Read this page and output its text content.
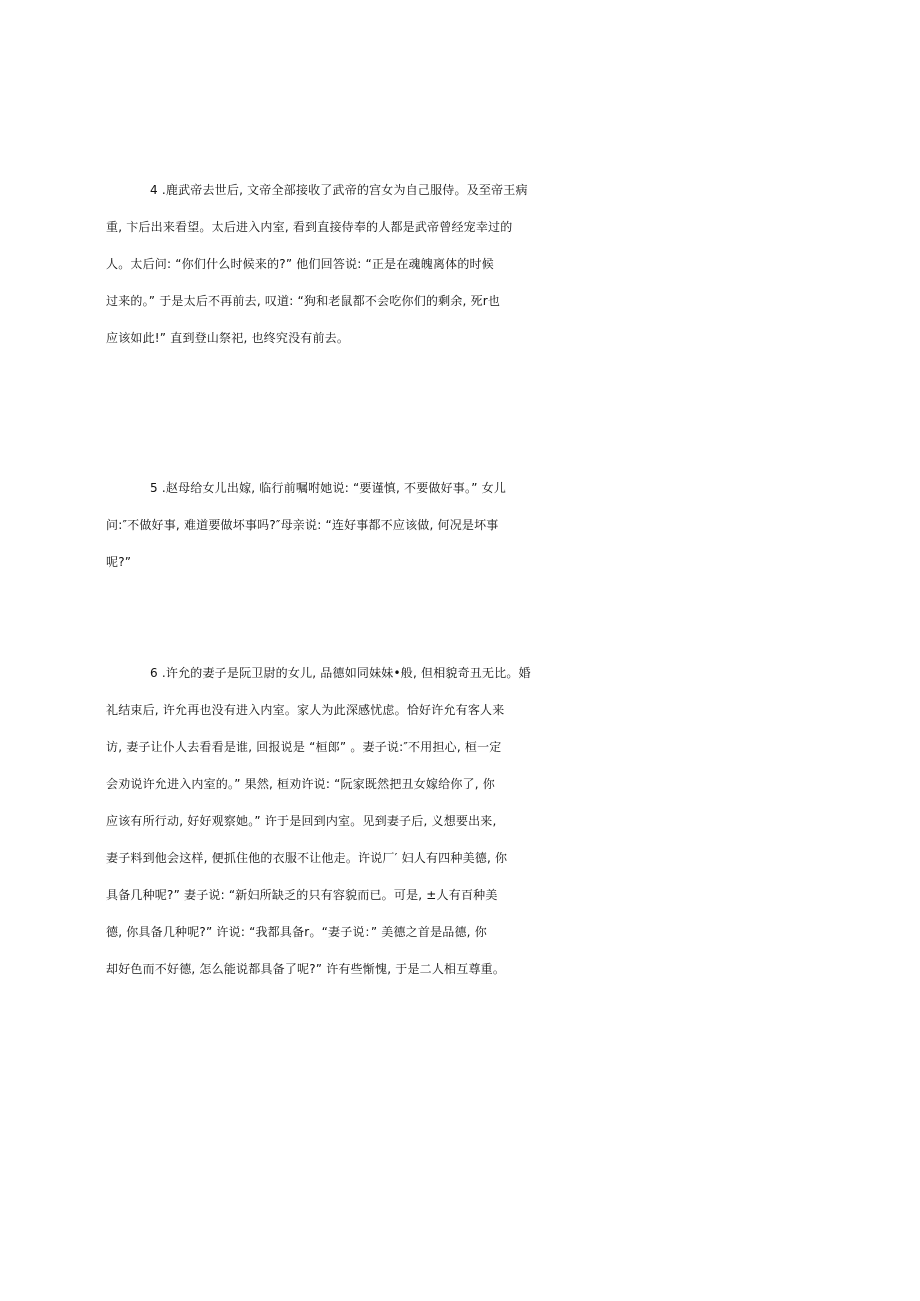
4 .鹿武帝去世后, 文帝全部接收了武帝的宫女为自己服侍。及至帝王病
重, 卞后出来看望。太后进入内室, 看到直接侍奉的人都是武帝曾经宠幸过的
人。太后问: “你们什么时候来的?” 他们回答说: “正是在魂魄离体的时候
过来的。” 于是太后不再前去, 叹道: “狗和老鼠都不会吃你们的剩余, 死r也
应该如此!” 直到登山祭祀, 也终究没有前去。
5 .赵母给女儿出嫁, 临行前嘱咐她说: “要谨慎, 不要做好事。” 女儿
问:″不做好事, 难道要做坏事吗?″母亲说: “连好事都不应该做, 何况是坏事
呢?”
6 .许允的妻子是阮卫尉的女儿, 品德如同妹妹•般, 但相貌奇丑无比。婚
礼结束后, 许允再也没有进入内室。家人为此深感忧虑。恰好许允有客人来
访, 妻子让仆人去看看是谁, 回报说是 “桓郎” 。妻子说:″不用担心, 桓一定
会劝说许允进入内室的。” 果然, 桓劝许说: “阮家既然把丑女嫁给你了, 你
应该有所行动, 好好观察她。” 许于是回到内室。见到妻子后, 义想要出来,
妻子料到他会这样, 便抓住他的衣服不让他走。许说厂′ 妇人有四种美德, 你
具备几种呢?” 妻子说: “新妇所缺乏的只有容貌而已。可是, ±人有百种美
德, 你具备几种呢?” 许说: “我都具备r。“妻子说：” 美德之首是品德, 你
却好色而不好德, 怎么能说都具备了呢?” 许有些惭愧, 于是二人相互尊重。
